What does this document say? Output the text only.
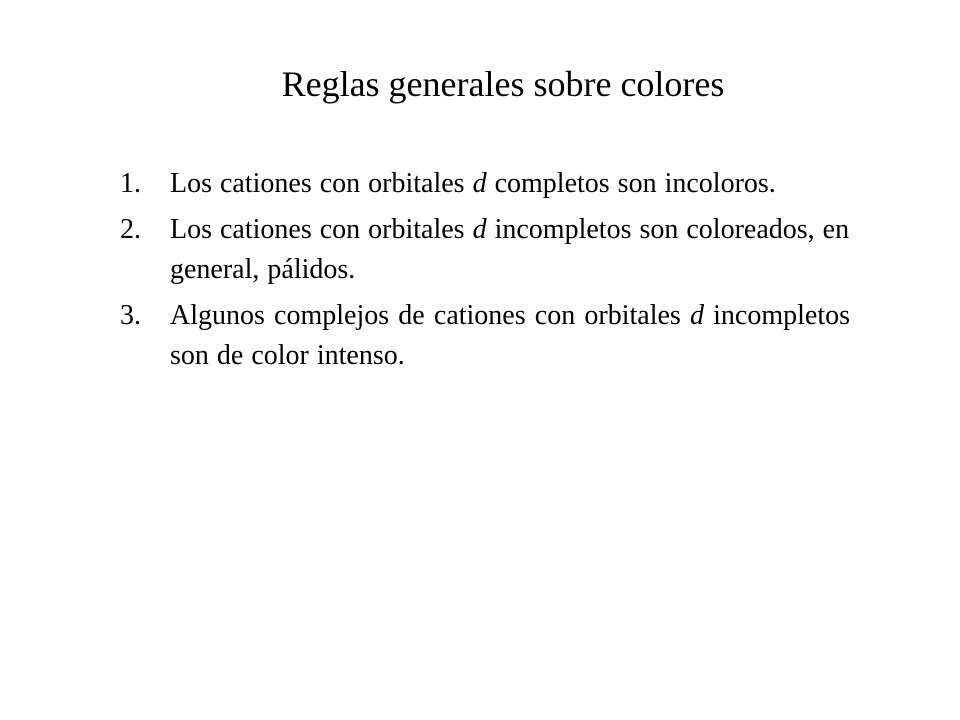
Reglas generales sobre colores
1. Los cationes con orbitales d completos son incoloros.
2. Los cationes con orbitales d incompletos son coloreados, en general, pálidos.
3. Algunos complejos de cationes con orbitales d incompletos son de color intenso.
